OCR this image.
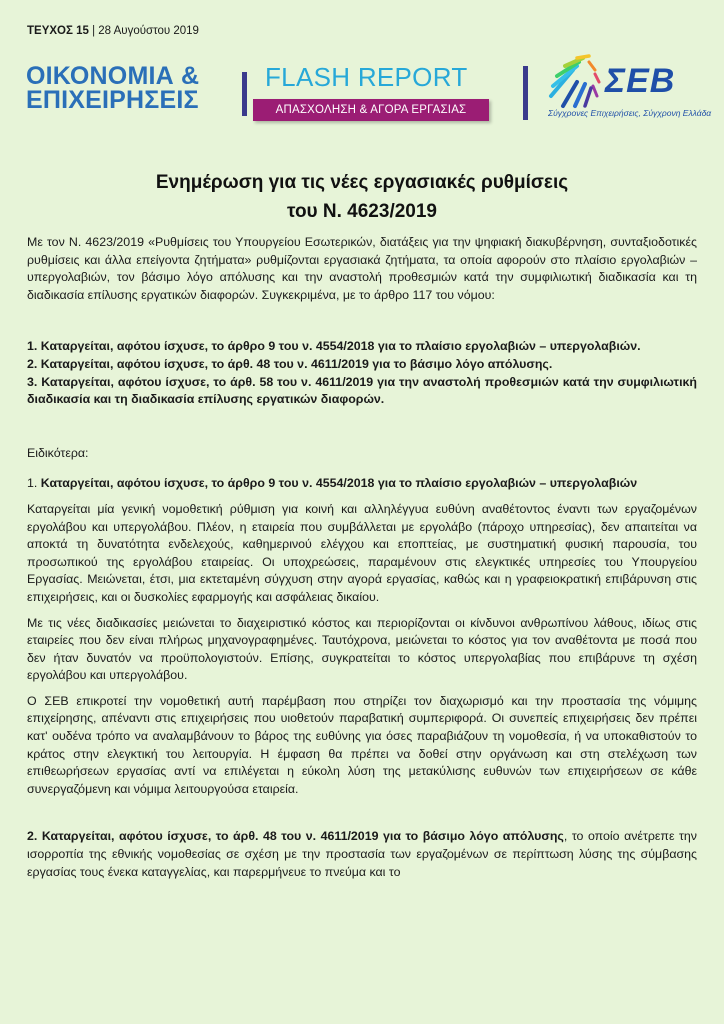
ΤΕΥΧΟΣ 15 | 28 Αυγούστου 2019
ΟΙΚΟΝΟΜΙΑ &
ΕΠΙΧΕΙΡΗΣΕΙΣ
FLASH REPORT
ΑΠΑΣΧΟΛΗΣΗ & ΑΓΟΡΑ ΕΡΓΑΣΙΑΣ
ΣΕΒ
Σύγχρονες Επιχειρήσεις, Σύγχρονη Ελλάδα
Ενημέρωση για τις νέες εργασιακές ρυθμίσεις
του Ν. 4623/2019

Με τον Ν. 4623/2019 «Ρυθμίσεις του Υπουργείου Εσωτερικών, διατάξεις για την ψηφιακή διακυβέρνηση, συνταξιοδοτικές ρυθμίσεις και άλλα επείγοντα ζητήματα» ρυθμίζονται εργασιακά ζητήματα, τα οποία αφορούν στο πλαίσιο εργολαβιών – υπεργολαβιών, τον βάσιμο λόγο απόλυσης και την αναστολή προθεσμιών κατά την συμφιλιωτική διαδικασία και τη διαδικασία επίλυσης εργατικών διαφορών. Συγκεκριμένα, με το άρθρο 117 του νόμου:

1. Καταργείται, αφότου ίσχυσε, το άρθρο 9 του ν. 4554/2018 για το πλαίσιο εργολαβιών – υπεργολαβιών.
2. Καταργείται, αφότου ίσχυσε, το άρθ. 48 του ν. 4611/2019 για το βάσιμο λόγο απόλυσης.
3. Καταργείται, αφότου ίσχυσε, το άρθ. 58 του ν. 4611/2019 για την αναστολή προθεσμιών κατά την συμφιλιωτική διαδικασία και τη διαδικασία επίλυσης εργατικών διαφορών.

Ειδικότερα:

1. Καταργείται, αφότου ίσχυσε, το άρθρο 9 του ν. 4554/2018 για το πλαίσιο εργολαβιών – υπεργολαβιών

Καταργείται μία γενική νομοθετική ρύθμιση για κοινή και αλληλέγγυα ευθύνη αναθέτοντος έναντι των εργαζομένων εργολάβου και υπεργολάβου. Πλέον, η εταιρεία που συμβάλλεται με εργολάβο (πάροχο υπηρεσίας), δεν απαιτείται να αποκτά τη δυνατότητα ενδελεχούς, καθημερινού ελέγχου και εποπτείας, με συστηματική φυσική παρουσία, του προσωπικού της εργολάβου εταιρείας. Οι υποχρεώσεις, παραμένουν στις ελεγκτικές υπηρεσίες του Υπουργείου Εργασίας. Μειώνεται, έτσι, μια εκτεταμένη σύγχυση στην αγορά εργασίας, καθώς και η γραφειοκρατική επιβάρυνση στις επιχειρήσεις, και οι δυσκολίες εφαρμογής και ασφάλειας δικαίου.

Με τις νέες διαδικασίες μειώνεται το διαχειριστικό κόστος και περιορίζονται οι κίνδυνοι ανθρωπίνου λάθους, ιδίως στις εταιρείες που δεν είναι πλήρως μηχανογραφημένες. Ταυτόχρονα, μειώνεται το κόστος για τον αναθέτοντα με ποσά που δεν ήταν δυνατόν να προϋπολογιστούν. Επίσης, συγκρατείται το κόστος υπεργολαβίας που επιβάρυνε τη σχέση εργολάβου και υπεργολάβου.

Ο ΣΕΒ επικροτεί την νομοθετική αυτή παρέμβαση που στηρίζει τον διαχωρισμό και την προστασία της νόμιμης επιχείρησης, απέναντι στις επιχειρήσεις που υιοθετούν παραβατική συμπεριφορά. Οι συνεπείς επιχειρήσεις δεν πρέπει κατ' ουδένα τρόπο να αναλαμβάνουν το βάρος της ευθύνης για όσες παραβιάζουν τη νομοθεσία, ή να υποκαθιστούν το κράτος στην ελεγκτική του λειτουργία. Η έμφαση θα πρέπει να δοθεί στην οργάνωση και στη στελέχωση των επιθεωρήσεων εργασίας αντί να επιλέγεται η εύκολη λύση της μετακύλισης ευθυνών των επιχειρήσεων σε κάθε συνεργαζόμενη και νόμιμα λειτουργούσα εταιρεία.

2. Καταργείται, αφότου ίσχυσε, το άρθ. 48 του ν. 4611/2019 για το βάσιμο λόγο απόλυσης, το οποίο ανέτρεπε την ισορροπία της εθνικής νομοθεσίας σε σχέση με την προστασία των εργαζομένων σε περίπτωση λύσης της σύμβασης εργασίας τους ένεκα καταγγελίας, και παρερμήνευε το πνεύμα και το
